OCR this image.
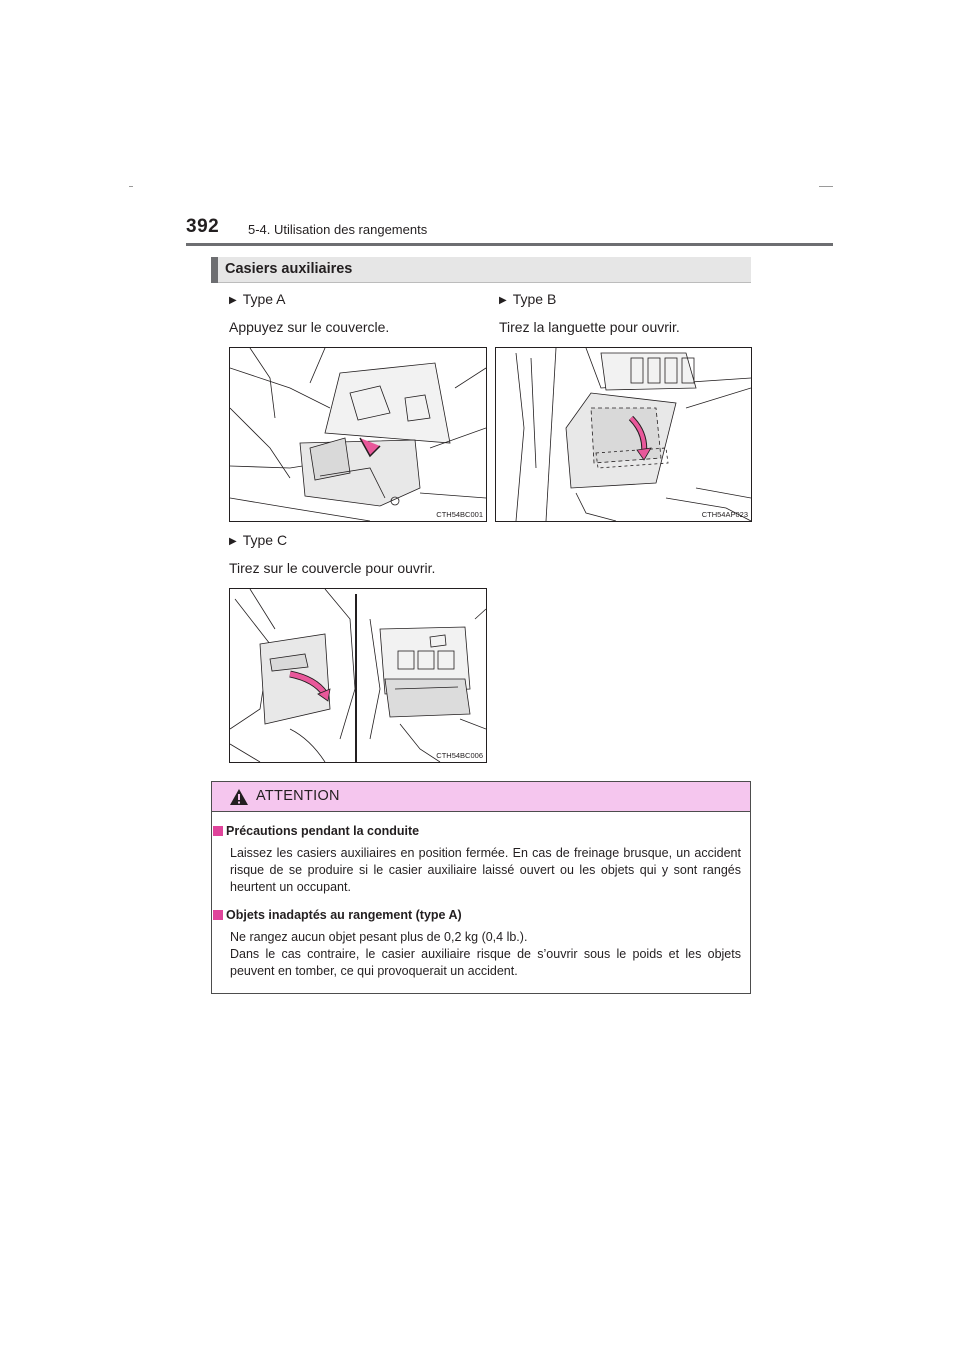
392 5-4. Utilisation des rangements
Casiers auxiliaires
▶ Type A
Appuyez sur le couvercle.
▶ Type B
Tirez la languette pour ouvrir.
CTH54BC001	CTH54AP023
▶ Type C
Tirez sur le couvercle pour ouvrir.
CTH54BC006
ATTENTION
Précautions pendant la conduite
Laissez les casiers auxiliaires en position fermée. En cas de freinage brusque, un accident risque de se produire si le casier auxiliaire laissé ouvert ou les objets qui y sont rangés heurtent un occupant.
Objets inadaptés au rangement (type A)
Ne rangez aucun objet pesant plus de 0,2 kg (0,4 lb.).
Dans le cas contraire, le casier auxiliaire risque de s’ouvrir sous le poids et les objets peuvent en tomber, ce qui provoquerait un accident.
